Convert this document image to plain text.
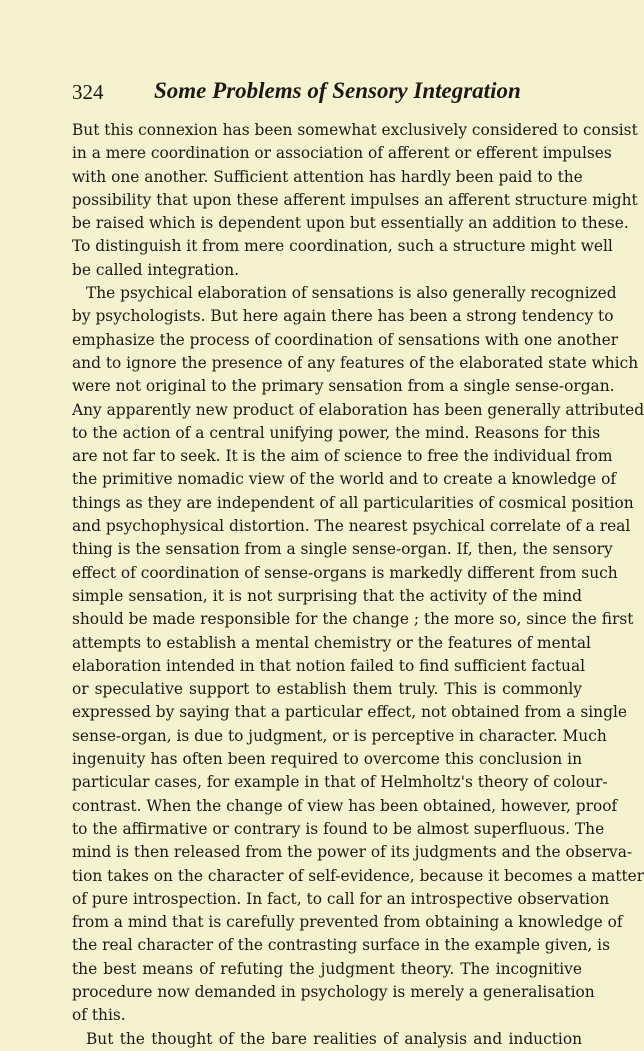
324 Some Problems of Sensory Integration
But this connexion has been somewhat exclusively considered to consist
in a mere coordination or association of afferent or efferent impulses
with one another. Sufficient attention has hardly been paid to the
possibility that upon these afferent impulses an afferent structure might
be raised which is dependent upon but essentially an addition to these.
To distinguish it from mere coordination, such a structure might well
be called integration.
The psychical elaboration of sensations is also generally recognized
by psychologists. But here again there has been a strong tendency to
emphasize the process of coordination of sensations with one another
and to ignore the presence of any features of the elaborated state which
were not original to the primary sensation from a single sense-organ.
Any apparently new product of elaboration has been generally attributed
to the action of a central unifying power, the mind. Reasons for this
are not far to seek. It is the aim of science to free the individual from
the primitive nomadic view of the world and to create a knowledge of
things as they are independent of all particularities of cosmical position
and psychophysical distortion. The nearest psychical correlate of a real
thing is the sensation from a single sense-organ. If, then, the sensory
effect of coordination of sense-organs is markedly different from such
simple sensation, it is not surprising that the activity of the mind
should be made responsible for the change ; the more so, since the first
attempts to establish a mental chemistry or the features of mental
elaboration intended in that notion failed to find sufficient factual
or speculative support to establish them truly. This is commonly
expressed by saying that a particular effect, not obtained from a single
sense-organ, is due to judgment, or is perceptive in character. Much
ingenuity has often been required to overcome this conclusion in
particular cases, for example in that of Helmholtz's theory of colour-
contrast. When the change of view has been obtained, however, proof
to the affirmative or contrary is found to be almost superfluous. The
mind is then released from the power of its judgments and the observa-
tion takes on the character of self-evidence, because it becomes a matter
of pure introspection. In fact, to call for an introspective observation
from a mind that is carefully prevented from obtaining a knowledge of
the real character of the contrasting surface in the example given, is
the best means of refuting the judgment theory. The incognitive
procedure now demanded in psychology is merely a generalisation
of this.
But the thought of the bare realities of analysis and induction
